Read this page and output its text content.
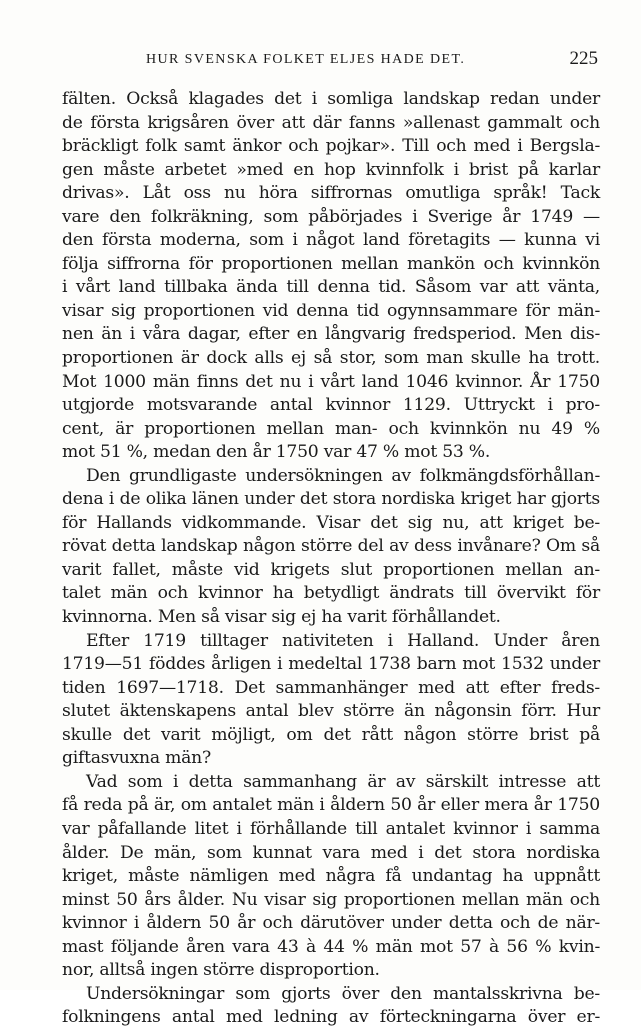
HUR SVENSKA FOLKET ELJES HADE DET.	225
fälten. Också klagades det i somliga landskap redan under
de första krigsåren över att där fanns »allenast gammalt och
bräckligt folk samt änkor och pojkar». Till och med i Bergsla-
gen måste arbetet »med en hop kvinnfolk i brist på karlar
drivas». Låt oss nu höra siffrornas omutliga språk! Tack
vare den folkräkning, som påbörjades i Sverige år 1749 —
den första moderna, som i något land företagits — kunna vi
följa siffrorna för proportionen mellan mankön och kvinnkön
i vårt land tillbaka ända till denna tid. Såsom var att vänta,
visar sig proportionen vid denna tid ogynnsammare för män-
nen än i våra dagar, efter en långvarig fredsperiod. Men dis-
proportionen är dock alls ej så stor, som man skulle ha trott.
Mot 1000 män finns det nu i vårt land 1046 kvinnor. År 1750
utgjorde motsvarande antal kvinnor 1129. Uttryckt i pro-
cent, är proportionen mellan man- och kvinnkön nu 49 %
mot 51 %, medan den år 1750 var 47 % mot 53 %.
Den grundligaste undersökningen av folkmängdsförhållan-
dena i de olika länen under det stora nordiska kriget har gjorts
för Hallands vidkommande. Visar det sig nu, att kriget be-
rövat detta landskap någon större del av dess invånare? Om så
varit fallet, måste vid krigets slut proportionen mellan an-
talet män och kvinnor ha betydligt ändrats till övervikt för
kvinnorna. Men så visar sig ej ha varit förhållandet.
Efter 1719 tilltager nativiteten i Halland. Under åren
1719—51 föddes årligen i medeltal 1738 barn mot 1532 under
tiden 1697—1718. Det sammanhänger med att efter freds-
slutet äktenskapens antal blev större än någonsin förr. Hur
skulle det varit möjligt, om det rått någon större brist på
giftasvuxna män?
Vad som i detta sammanhang är av särskilt intresse att
få reda på är, om antalet män i åldern 50 år eller mera år 1750
var påfallande litet i förhållande till antalet kvinnor i samma
ålder. De män, som kunnat vara med i det stora nordiska
kriget, måste nämligen med några få undantag ha uppnått
minst 50 års ålder. Nu visar sig proportionen mellan män och
kvinnor i åldern 50 år och därutöver under detta och de när-
mast följande åren vara 43 à 44 % män mot 57 à 56 % kvin-
nor, alltså ingen större disproportion.
Undersökningar som gjorts över den mantalsskrivna be-
folkningens antal med ledning av förteckningarna över er-
